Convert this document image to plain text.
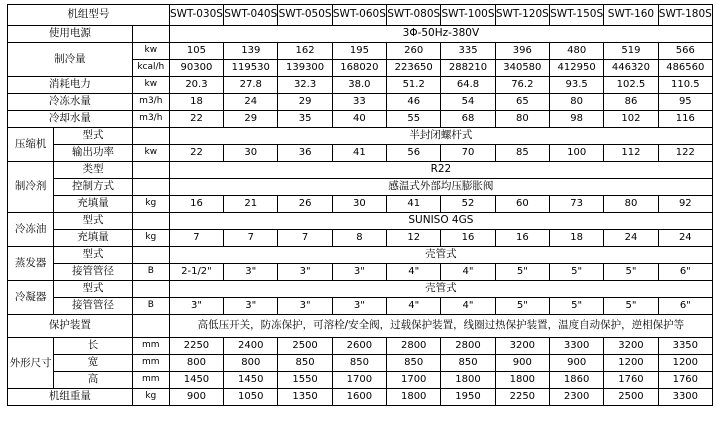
机组型号			SWT-030S	SWT-040S	SWT-050S	SWT-060S	SWT-080S	SWT-100S	SWT-120S	SWT-150S	SWT-160	SWT-180S
使用电源			3Φ-50Hz-380V									
制冷量		kw	105	139	162	195	260	335	396	480	519	566
		kcal/h	90300	119530	139300	168020	223650	288210	340580	412950	446320	486560
消耗电力		kw	20.3	27.8	32.3	38.0	51.2	64.8	76.2	93.5	102.5	110.5
冷冻水量		m3/h	18	24	29	33	46	54	65	80	86	95
冷却水量		m3/h	22	29	35	40	55	68	80	98	102	116
压缩机	型式		半封闭螺杆式									
	输出功率	kw	22	30	36	41	56	70	85	100	112	122
制冷剂	类型		R22									
	控制方式		感温式外部均压膨胀阀									
	充填量	kg	16	21	26	30	41	52	60	73	80	92
冷冻油	型式		SUNISO 4GS									
	充填量	kg	7	7	7	8	12	16	16	18	24	24
蒸发器	型式		壳管式									
	接管管径	B	2-1/2"	3"	3"	3"	4"	4"	5"	5"	5"	6"
冷凝器	型式		壳管式									
	接管管径	B	3"	3"	3"	3"	4"	4"	5"	5"	5"	6"
保护装置			高低压开关，防冻保护，可溶栓/安全阀，过载保护装置，线圈过热保护装置，温度自动保护，逆相保护等									
外形尺寸	长	mm	2250	2400	2500	2600	2800	2800	3200	3300	3200	3350
	宽	mm	800	800	850	850	850	850	900	900	1200	1200
	高	mm	1450	1450	1550	1700	1700	1800	1800	1860	1760	1760
机组重量		kg	900	1050	1350	1600	1800	1950	2250	2300	2500	3300
